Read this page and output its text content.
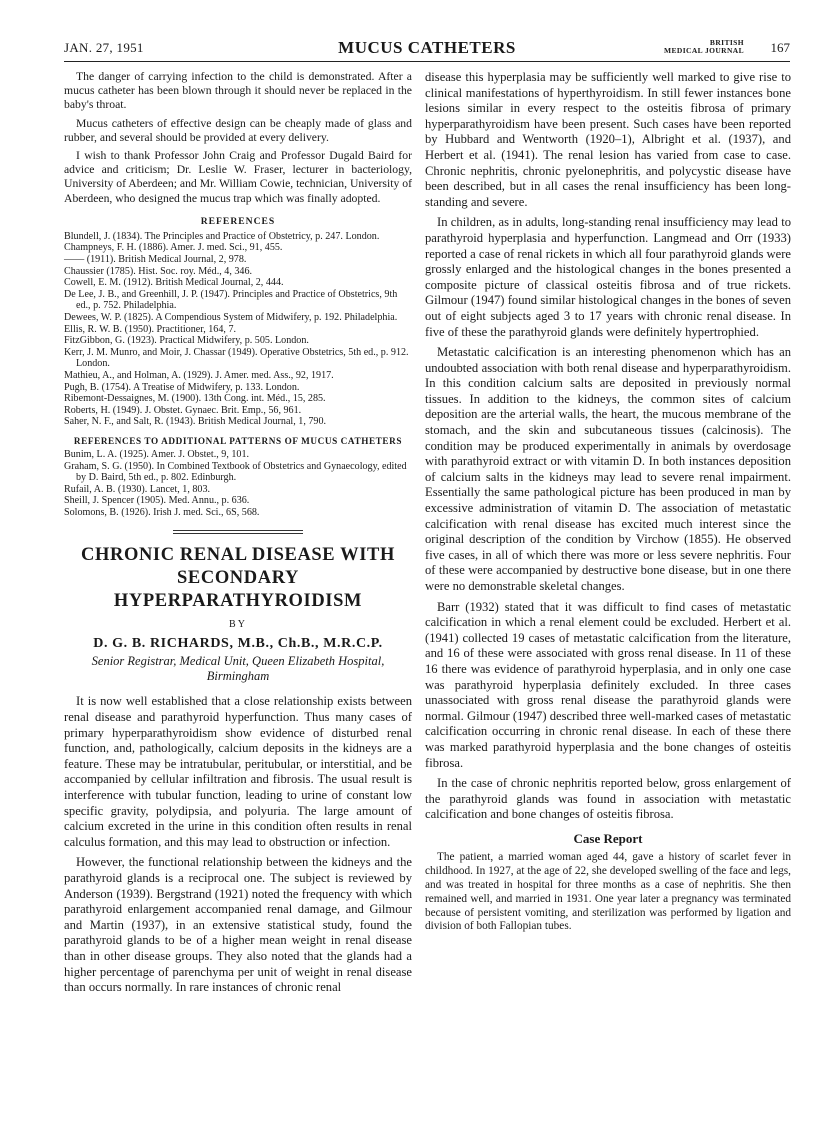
JAN. 27, 1951	MUCUS CATHETERS	BRITISH
MEDICAL JOURNAL 167

The danger of carrying infection to the child is demonstrated. After a mucus catheter has been blown through it should never be replaced in the baby's throat.

Mucus catheters of effective design can be cheaply made of glass and rubber, and several should be provided at every delivery.

I wish to thank Professor John Craig and Professor Dugald Baird for advice and criticism; Dr. Leslie W. Fraser, lecturer in bacteriology, University of Aberdeen; and Mr. William Cowie, technician, University of Aberdeen, who designed the mucus trap which was finally adopted.

REFERENCES

Blundell, J. (1834). The Principles and Practice of Obstetricy, p. 247. London.

Champneys, F. H. (1886). Amer. J. med. Sci., 91, 455.

—— (1911). British Medical Journal, 2, 978.

Chaussier (1785). Hist. Soc. roy. Méd., 4, 346.

Cowell, E. M. (1912). British Medical Journal, 2, 444.

De Lee, J. B., and Greenhill, J. P. (1947). Principles and Practice of Obstetrics, 9th ed., p. 752. Philadelphia.

Dewees, W. P. (1825). A Compendious System of Midwifery, p. 192. Philadelphia.

Ellis, R. W. B. (1950). Practitioner, 164, 7.

FitzGibbon, G. (1923). Practical Midwifery, p. 505. London.

Kerr, J. M. Munro, and Moir, J. Chassar (1949). Operative Obstetrics, 5th ed., p. 912. London.

Mathieu, A., and Holman, A. (1929). J. Amer. med. Ass., 92, 1917.

Pugh, B. (1754). A Treatise of Midwifery, p. 133. London.

Ribemont-Dessaignes, M. (1900). 13th Cong. int. Méd., 15, 285.

Roberts, H. (1949). J. Obstet. Gynaec. Brit. Emp., 56, 961.

Saher, N. F., and Salt, R. (1943). British Medical Journal, 1, 790.

REFERENCES TO ADDITIONAL PATTERNS OF MUCUS CATHETERS

Bunim, L. A. (1925). Amer. J. Obstet., 9, 101.

Graham, S. G. (1950). In Combined Textbook of Obstetrics and Gynaecology, edited by D. Baird, 5th ed., p. 802. Edinburgh.

Rufail, A. B. (1930). Lancet, 1, 803.

Sheill, J. Spencer (1905). Med. Annu., p. 636.

Solomons, B. (1926). Irish J. med. Sci., 6S, 568.

CHRONIC RENAL DISEASE WITH
SECONDARY HYPERPARATHYROIDISM
BY
D. G. B. RICHARDS, M.B., Ch.B., M.R.C.P.
Senior Registrar, Medical Unit, Queen Elizabeth Hospital, Birmingham

It is now well established that a close relationship exists between renal disease and parathyroid hyperfunction. Thus many cases of primary hyperparathyroidism show evidence of disturbed renal function, and, pathologically, calcium deposits in the kidneys are a feature. These may be intratubular, peritubular, or interstitial, and be accompanied by cellular infiltration and fibrosis. The usual result is interference with tubular function, leading to urine of constant low specific gravity, polydipsia, and polyuria. The large amount of calcium excreted in the urine in this condition often results in renal calculus formation, and this may lead to obstruction or infection.

However, the functional relationship between the kidneys and the parathyroid glands is a reciprocal one. The subject is reviewed by Anderson (1939). Bergstrand (1921) noted the frequency with which parathyroid enlargement accompanied renal damage, and Gilmour and Martin (1937), in an extensive statistical study, found the parathyroid glands to be of a higher mean weight in renal disease than in other disease groups. They also noted that the glands had a higher percentage of parenchyma per unit of weight in renal disease than occurs normally. In rare instances of chronic renal

disease this hyperplasia may be sufficiently well marked to give rise to clinical manifestations of hyperthyroidism. In still fewer instances bone lesions similar in every respect to the osteitis fibrosa of primary hyperparathyroidism have been present. Such cases have been reported by Hubbard and Wentworth (1920–1), Albright et al. (1937), and Herbert et al. (1941). The renal lesion has varied from case to case. Chronic nephritis, chronic pyelonephritis, and polycystic disease have been described, but in all cases the renal insufficiency has been long-standing and severe.

In children, as in adults, long-standing renal insufficiency may lead to parathyroid hyperplasia and hyperfunction. Langmead and Orr (1933) reported a case of renal rickets in which all four parathyroid glands were grossly enlarged and the histological changes in the bones presented a composite picture of classical osteitis fibrosa and of true rickets. Gilmour (1947) found similar histological changes in the bones of seven out of eight subjects aged 3 to 17 years with chronic renal disease. In five of these the parathyroid glands were definitely hypertrophied.

Metastatic calcification is an interesting phenomenon which has an undoubted association with both renal disease and hyperparathyroidism. In this condition calcium salts are deposited in previously normal tissues. In addition to the kidneys, the common sites of calcium deposition are the arterial walls, the heart, the mucous membrane of the stomach, and the skin and subcutaneous tissues (calcinosis). The condition may be produced experimentally in animals by overdosage with parathyroid extract or with vitamin D. In both instances deposition of calcium salts in the kidneys may lead to severe renal impairment. Essentially the same pathological picture has been produced in man by excessive administration of vitamin D. The association of metastatic calcification with renal disease has excited much interest since the original description of the condition by Virchow (1855). He observed five cases, in all of which there was more or less severe nephritis. Four of these were accompanied by destructive bone disease, but in one there were no demonstrable skeletal changes.

Barr (1932) stated that it was difficult to find cases of metastatic calcification in which a renal element could be excluded. Herbert et al. (1941) collected 19 cases of metastatic calcification from the literature, and 16 of these were associated with gross renal disease. In 11 of these 16 there was evidence of parathyroid hyperplasia, and in only one case was parathyroid hyperplasia definitely excluded. In three cases unassociated with gross renal disease the parathyroid glands were normal. Gilmour (1947) described three well-marked cases of metastatic calcification occurring in chronic renal disease. In each of these there was marked parathyroid hyperplasia and the bone changes of osteitis fibrosa.

In the case of chronic nephritis reported below, gross enlargement of the parathyroid glands was found in association with metastatic calcification and bone changes of osteitis fibrosa.

Case Report

The patient, a married woman aged 44, gave a history of scarlet fever in childhood. In 1927, at the age of 22, she developed swelling of the face and legs, and was treated in hospital for three months as a case of nephritis. She then remained well, and married in 1931. One year later a pregnancy was terminated because of persistent vomiting, and sterilization was performed by ligation and division of both Fallopian tubes.
